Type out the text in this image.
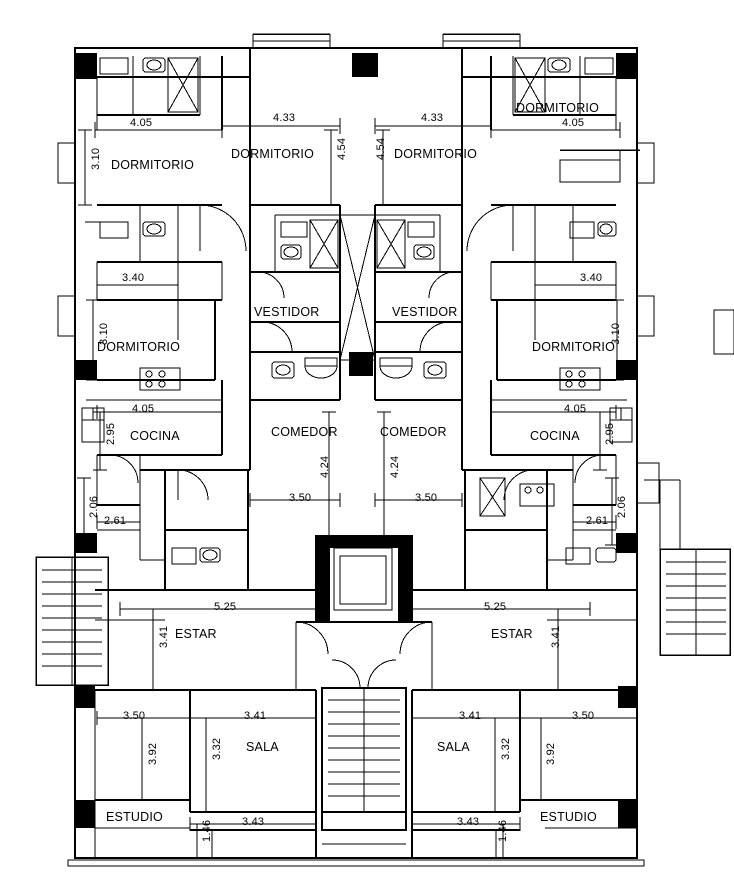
DORMITORIO
DORMITORIO	DORMITORIO
DORMITORIO
DORMITORIO	DORMITORIO
VESTIDOR	VESTIDOR
COCINA	COCINA
COMEDOR	COMEDOR
ESTAR	ESTAR
SALA	SALA
ESTUDIO	ESTUDIO
4.05	4.33	4.33	4.05
3.40	3.40
4.05	4.05
2.61	2.61
3.50	3.50
5.25	5.25
3.50	3.41	3.41	3.50
3.43	3.43
3.10	4.54 4.54
3.10	3.10
2.95	2.95
2.06	2.06
4.24	4.24
3.41	3.41
3.92	3.32	3.32	3.92
1.46	1.46
